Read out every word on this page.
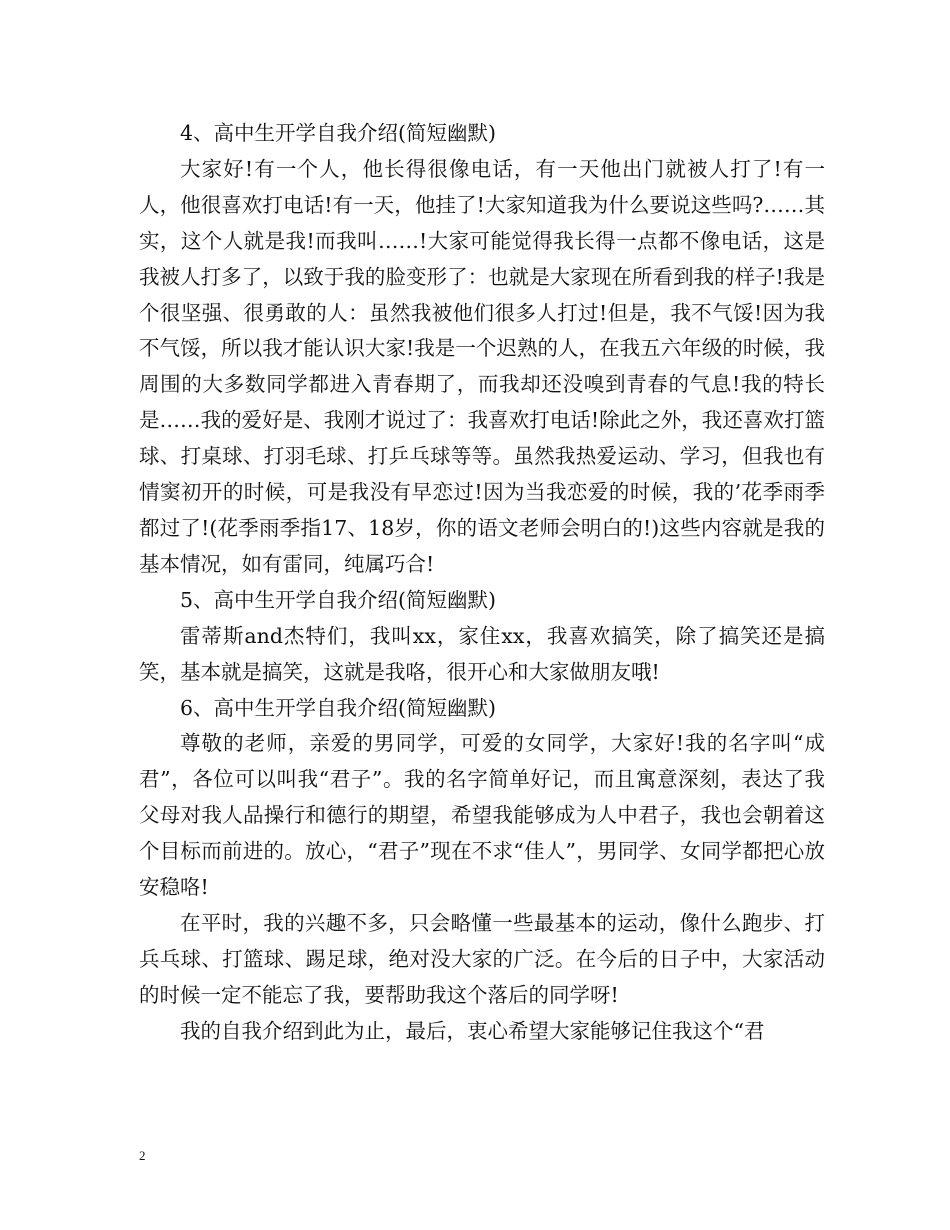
4、高中生开学自我介绍(简短幽默)

大家好!有一个人，他长得很像电话，有一天他出门就被人打了!有一人，他很喜欢打电话!有一天，他挂了!大家知道我为什么要说这些吗?……其实，这个人就是我!而我叫……!大家可能觉得我长得一点都不像电话，这是我被人打多了，以致于我的脸变形了：也就是大家现在所看到我的样子!我是个很坚强、很勇敢的人：虽然我被他们很多人打过!但是，我不气馁!因为我不气馁，所以我才能认识大家!我是一个迟熟的人，在我五六年级的时候，我周围的大多数同学都进入青春期了，而我却还没嗅到青春的气息!我的特长是……我的爱好是、我刚才说过了：我喜欢打电话!除此之外，我还喜欢打篮球、打桌球、打羽毛球、打乒乓球等等。虽然我热爱运动、学习，但我也有情窦初开的时候，可是我没有早恋过!因为当我恋爱的时候，我的’花季雨季都过了!(花季雨季指17、18岁，你的语文老师会明白的!)这些内容就是我的基本情况，如有雷同，纯属巧合!

5、高中生开学自我介绍(简短幽默)

雷蒂斯and杰特们，我叫xx，家住xx，我喜欢搞笑，除了搞笑还是搞笑，基本就是搞笑，这就是我咯，很开心和大家做朋友哦!

6、高中生开学自我介绍(简短幽默)

尊敬的老师，亲爱的男同学，可爱的女同学，大家好!我的名字叫“成君”，各位可以叫我“君子”。我的名字简单好记，而且寓意深刻，表达了我父母对我人品操行和德行的期望，希望我能够成为人中君子，我也会朝着这个目标而前进的。放心，“君子”现在不求“佳人”，男同学、女同学都把心放安稳咯!

在平时，我的兴趣不多，只会略懂一些最基本的运动，像什么跑步、打兵乓球、打篮球、踢足球，绝对没大家的广泛。在今后的日子中，大家活动的时候一定不能忘了我，要帮助我这个落后的同学呀!

我的自我介绍到此为止，最后，衷心希望大家能够记住我这个“君

2
